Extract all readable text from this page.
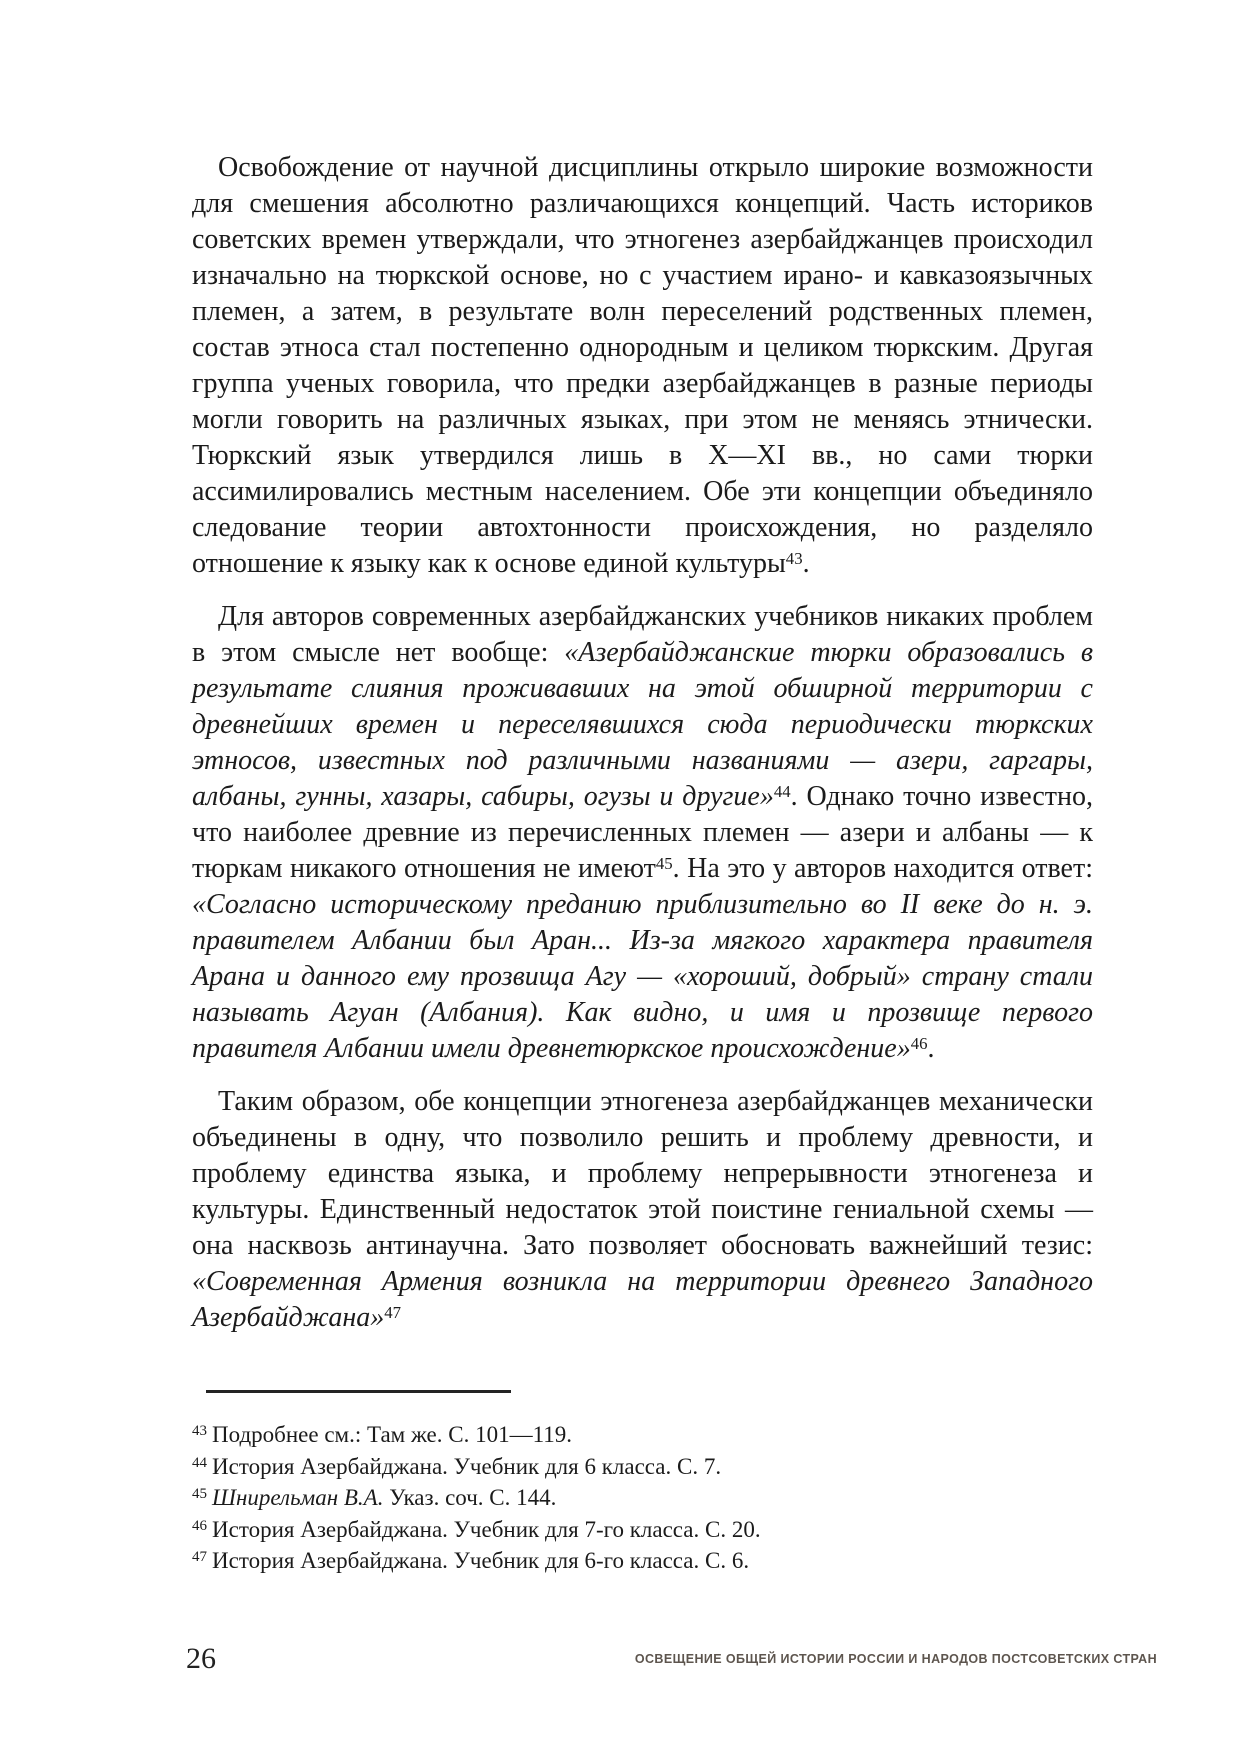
Освобождение от научной дисциплины открыло широкие возможности для смешения абсолютно различающихся концепций. Часть историков советских времен утверждали, что этногенез азербайджанцев происходил изначально на тюркской основе, но с участием ирано- и кавказоязычных племен, а затем, в результате волн переселений родственных племен, состав этноса стал постепенно однородным и целиком тюркским. Другая группа ученых говорила, что предки азербайджанцев в разные периоды могли говорить на различных языках, при этом не меняясь этнически. Тюркский язык утвердился лишь в X—XI вв., но сами тюрки ассимилировались местным населением. Обе эти концепции объединяло следование теории автохтонности происхождения, но разделяло отношение к языку как к основе единой культуры$^{43}$.

Для авторов современных азербайджанских учебников никаких проблем в этом смысле нет вообще: «Азербайджанские тюрки образовались в результате слияния проживавших на этой обширной территории с древнейших времен и переселявшихся сюда периодически тюркских этносов, известных под различными названиями — азери, гаргары, албаны, гунны, хазары, сабиры, огузы и другие»$^{44}$. Однако точно известно, что наиболее древние из перечисленных племен — азери и албаны — к тюркам никакого отношения не имеют$^{45}$. На это у авторов находится ответ: «Согласно историческому преданию приблизительно во II веке до н. э. правителем Албании был Аран... Из-за мягкого характера правителя Арана и данного ему прозвища Агу — «хороший, добрый» страну стали называть Агуан (Албания). Как видно, и имя и прозвище первого правителя Албании имели древнетюркское происхождение»$^{46}$.

Таким образом, обе концепции этногенеза азербайджанцев механически объединены в одну, что позволило решить и проблему древности, и проблему единства языка, и проблему непрерывности этногенеза и культуры. Единственный недостаток этой поистине гениальной схемы — она насквозь антинаучна. Зато позволяет обосновать важнейший тезис: «Современная Армения возникла на территории древнего Западного Азербайджана»$^{47}$

$^{43}$ Подробнее см.: Там же. С. 101—119.

$^{44}$ История Азербайджана. Учебник для 6 класса. С. 7.

$^{45}$ Шнирельман В.А. Указ. соч. С. 144.

$^{46}$ История Азербайджана. Учебник для 7-го класса. С. 20.

$^{47}$ История Азербайджана. Учебник для 6-го класса. С. 6.

26	ОСВЕЩЕНИЕ ОБЩЕЙ ИСТОРИИ РОССИИ И НАРОДОВ ПОСТСОВЕТСКИХ СТРАН
